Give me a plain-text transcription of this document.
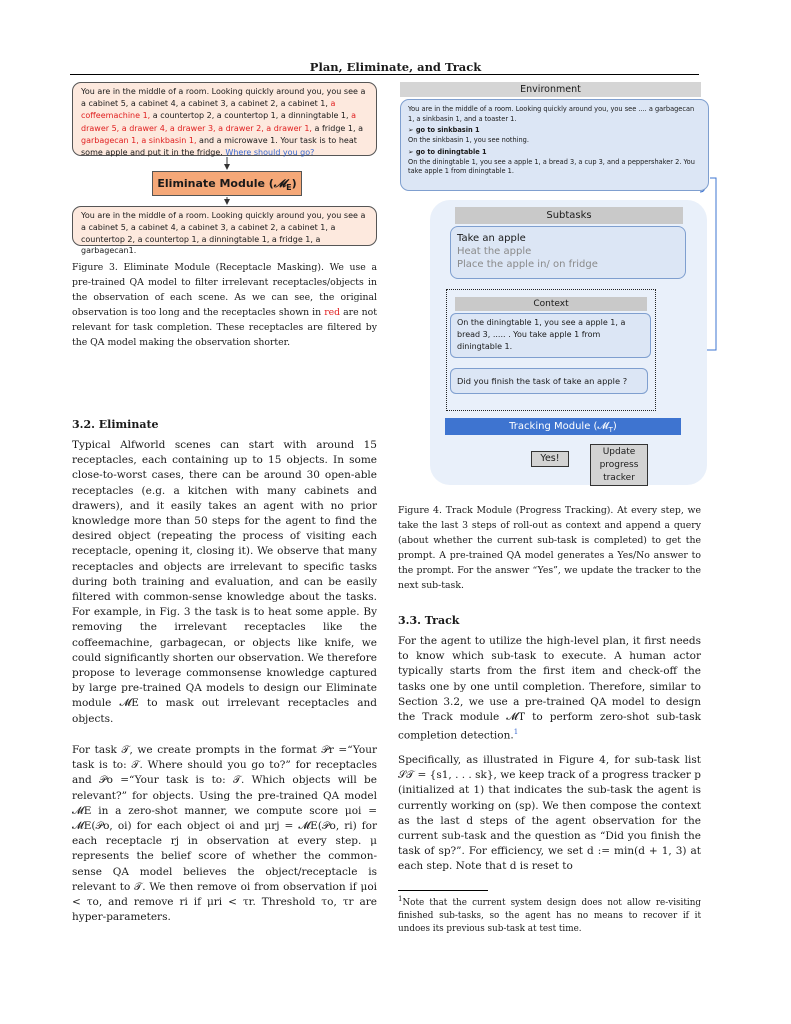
Plan, Eliminate, and Track
You are in the middle of a room. Looking quickly around you, you see a a cabinet 5, a cabinet 4, a cabinet 3, a cabinet 2, a cabinet 1, a coffeemachine 1, a countertop 2, a countertop 1, a dinningtable 1, a drawer 5, a drawer 4, a drawer 3, a drawer 2, a drawer 1, a fridge 1, a garbagecan 1, a sinkbasin 1, and a microwave 1. Your task is to heat some apple and put it in the fridge. Where should you go?
Eliminate Module (𝓜$_E$)
You are in the middle of a room. Looking quickly around you, you see a a cabinet 5, a cabinet 4, a cabinet 3, a cabinet 2, a cabinet 1, a countertop 2, a countertop 1, a dinningtable 1, a fridge 1, a garbagecan1.
Figure 3. Eliminate Module (Receptacle Masking). We use a pre-trained QA model to filter irrelevant receptacles/objects in the observation of each scene. As we can see, the original observation is too long and the receptacles shown in red are not relevant for task completion. These receptacles are filtered by the QA model making the observation shorter.
3.2. Eliminate
Typical Alfworld scenes can start with around 15 receptacles, each containing up to 15 objects. In some close-to-worst cases, there can be around 30 open-able receptacles (e.g. a kitchen with many cabinets and drawers), and it easily takes an agent with no prior knowledge more than 50 steps for the agent to find the desired object (repeating the process of visiting each receptacle, opening it, closing it). We observe that many receptacles and objects are irrelevant to specific tasks during both training and evaluation, and can be easily filtered with common-sense knowledge about the tasks. For example, in Fig. 3 the task is to heat some apple. By removing the irrelevant receptacles like the coffeemachine, garbagecan, or objects like knife, we could significantly shorten our observation. We therefore propose to leverage commonsense knowledge captured by large pre-trained QA models to design our Eliminate module 𝓜E to mask out irrelevant receptacles and objects.
For task 𝒯, we create prompts in the format 𝒫r =“Your task is to: 𝒯. Where should you go to?” for receptacles and 𝒫o =“Your task is to: 𝒯. Which objects will be relevant?” for objects. Using the pre-trained QA model 𝓜E in a zero-shot manner, we compute score μoi = 𝓜E(𝒫o, oi) for each object oi and μrj = 𝓜E(𝒫o, ri) for each receptacle rj in observation at every step. μ represents the belief score of whether the common-sense QA model believes the object/receptacle is relevant to 𝒯. We then remove oi from observation if μoi < τo, and remove ri if μri < τr. Threshold τo, τr are hyper-parameters.
Environment
You are in the middle of a room. Looking quickly around you, you see .... a garbagecan 1, a sinkbasin 1, and a toaster 1.
➢ go to sinkbasin 1
On the sinkbasin 1, you see nothing.
➢ go to diningtable 1
On the diningtable 1, you see a apple 1, a bread 3, a cup 3, and a peppershaker 2. You take apple 1 from diningtable 1.
Subtasks
Take an apple
Heat the apple
Place the apple in/ on fridge
Context
On the diningtable 1, you see a apple 1, a bread 3, ..... . You take apple 1 from diningtable 1.
Did you finish the task of take an apple ?
Tracking Module (𝓜$_T$)
Yes!
Update
progress
tracker
Figure 4. Track Module (Progress Tracking). At every step, we take the last 3 steps of roll-out as context and append a query (about whether the current sub-task is completed) to get the prompt. A pre-trained QA model generates a Yes/No answer to the prompt. For the answer “Yes”, we update the tracker to the next sub-task.
3.3. Track
For the agent to utilize the high-level plan, it first needs to know which sub-task to execute. A human actor typically starts from the first item and check-off the tasks one by one until completion. Therefore, similar to Section 3.2, we use a pre-trained QA model to design the Track module 𝓜T to perform zero-shot sub-task completion detection.$^1$
Specifically, as illustrated in Figure 4, for sub-task list 𝒮𝒯 = {s1, . . . sk}, we keep track of a progress tracker p (initialized at 1) that indicates the sub-task the agent is currently working on (sp). We then compose the context as the last d steps of the agent observation for the current sub-task and the question as “Did you finish the task of sp?”. For efficiency, we set d := min(d + 1, 3) at each step. Note that d is reset to
$^1$Note that the current system design does not allow re-visiting finished sub-tasks, so the agent has no means to recover if it undoes its previous sub-task at test time.
